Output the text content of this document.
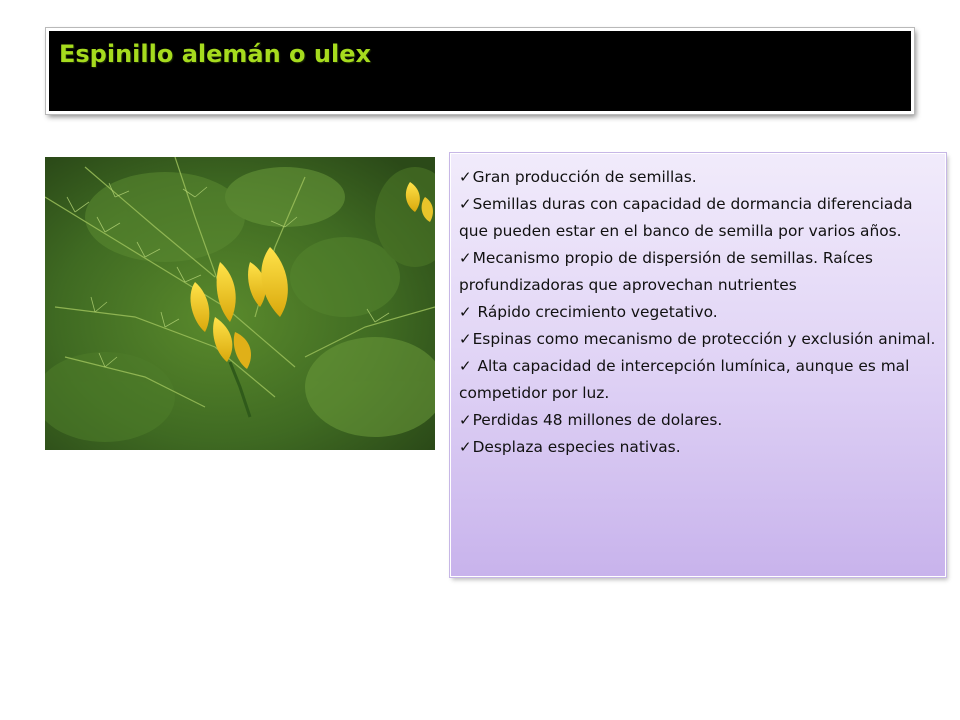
Espinillo alemán o ulex
✓Gran producción de semillas.
✓Semillas duras con capacidad de dormancia diferenciada que pueden estar en el banco de semilla por varios años.
✓Mecanismo propio de dispersión de semillas. Raíces profundizadoras que aprovechan nutrientes
✓ Rápido crecimiento vegetativo.
✓Espinas como mecanismo de protección y exclusión animal.
✓ Alta capacidad de intercepción lumínica, aunque es mal competidor por luz.
✓Perdidas 48 millones de dolares.
✓Desplaza especies nativas.
